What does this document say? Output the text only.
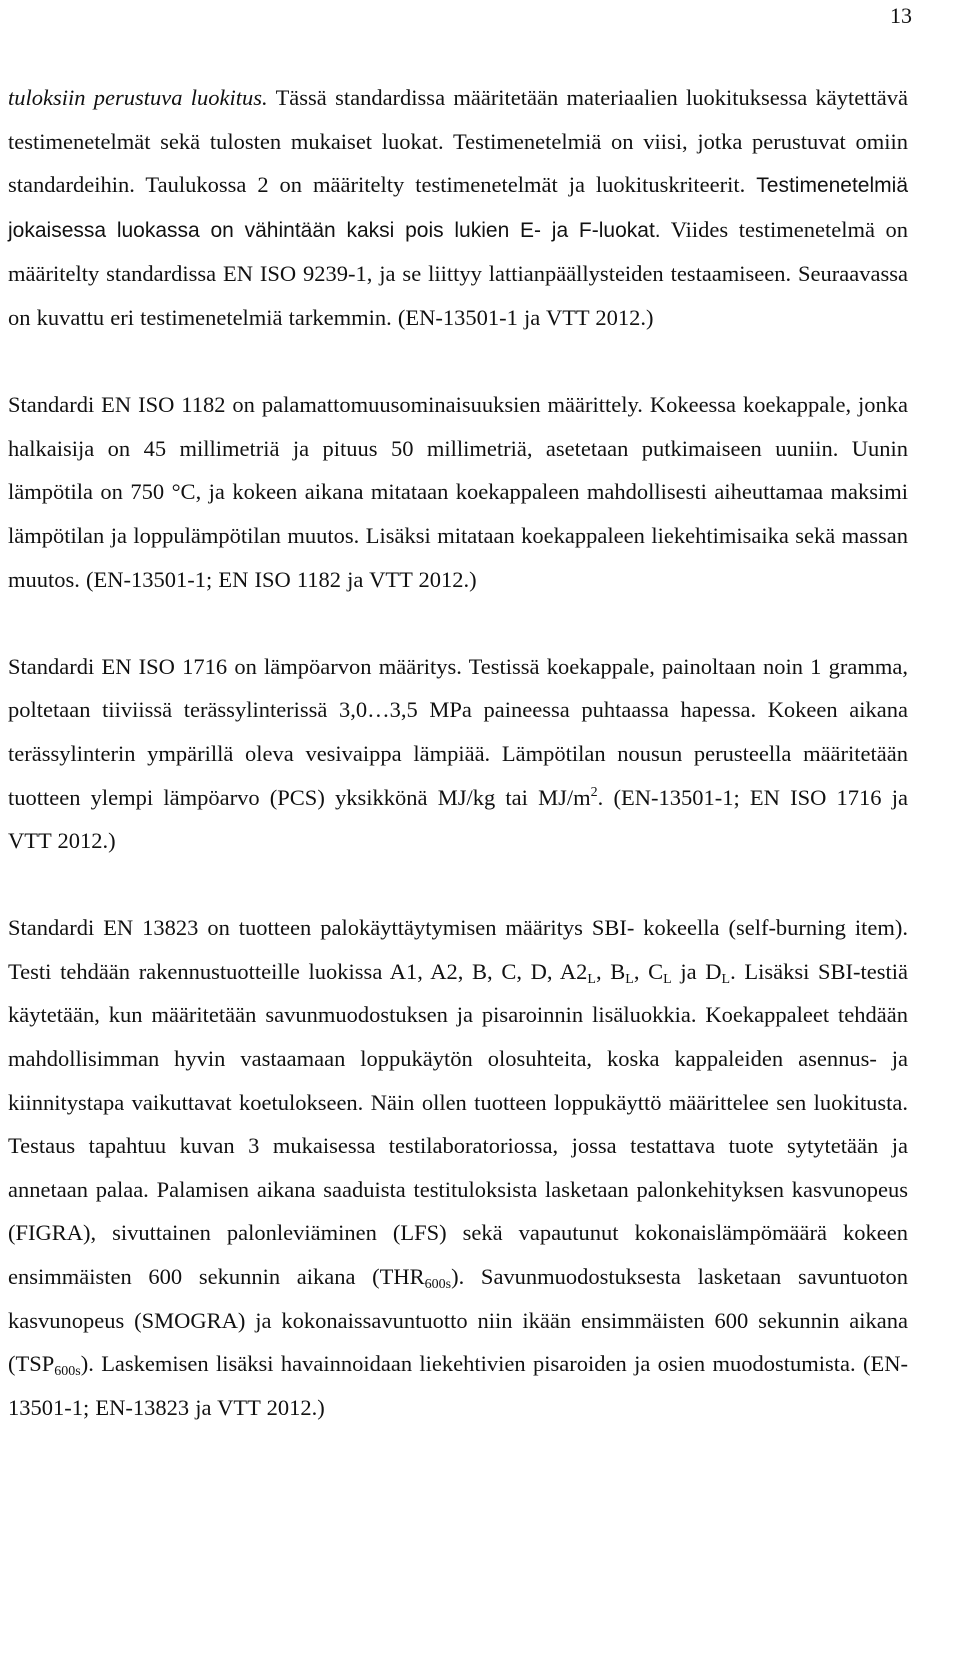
13

tuloksiin perustuva luokitus. Tässä standardissa määritetään materiaalien luokituksessa käytettävä testimenetelmät sekä tulosten mukaiset luokat. Testimenetelmiä on viisi, jotka perustuvat omiin standardeihin. Taulukossa 2 on määritelty testimenetelmät ja luokituskriteerit. Testimenetelmiä jokaisessa luokassa on vähintään kaksi pois lukien E- ja F-luokat. Viides testimenetelmä on määritelty standardissa EN ISO 9239-1, ja se liittyy lattianpäällysteiden testaamiseen. Seuraavassa on kuvattu eri testimenetelmiä tarkemmin. (EN-13501-1 ja VTT 2012.)

Standardi EN ISO 1182 on palamattomuusominaisuuksien määrittely. Kokeessa koekappale, jonka halkaisija on 45 millimetriä ja pituus 50 millimetriä, asetetaan putkimaiseen uuniin. Uunin lämpötila on 750 °C, ja kokeen aikana mitataan koekappaleen mahdollisesti aiheuttamaa maksimi lämpötilan ja loppulämpötilan muutos. Lisäksi mitataan koekappaleen liekehtimisaika sekä massan muutos. (EN-13501-1; EN ISO 1182 ja VTT 2012.)

Standardi EN ISO 1716 on lämpöarvon määritys. Testissä koekappale, painoltaan noin 1 gramma, poltetaan tiiviissä terässylinterissä 3,0…3,5 MPa paineessa puhtaassa hapessa. Kokeen aikana terässylinterin ympärillä oleva vesivaippa lämpiää. Lämpötilan nousun perusteella määritetään tuotteen ylempi lämpöarvo (PCS) yksikkönä MJ/kg tai $MJ/m^2$. (EN-13501-1; EN ISO 1716 ja VTT 2012.)

Standardi EN 13823 on tuotteen palokäyttäytymisen määritys SBI- kokeella (self-burning item). Testi tehdään rakennustuotteille luokissa A1, A2, B, C, D, $A2_L$, $B_L$, $C_L$ ja $D_L$. Lisäksi SBI-testiä käytetään, kun määritetään savunmuodostuksen ja pisaroinnin lisäluokkia. Koekappaleet tehdään mahdollisimman hyvin vastaamaan loppukäytön olosuhteita, koska kappaleiden asennus- ja kiinnitystapa vaikuttavat koetulokseen. Näin ollen tuotteen loppukäyttö määrittelee sen luokitusta. Testaus tapahtuu kuvan 3 mukaisessa testilaboratoriossa, jossa testattava tuote sytytetään ja annetaan palaa. Palamisen aikana saaduista testituloksista lasketaan palonkehityksen kasvunopeus (FIGRA), sivuttainen palonleviäminen (LFS) sekä vapautunut kokonaislämpömäärä kokeen ensimmäisten 600 sekunnin aikana $(THR_{600s})$. Savunmuodostuksesta lasketaan savuntuoton kasvunopeus (SMOGRA) ja kokonaissavuntuotto niin ikään ensimmäisten 600 sekunnin aikana $(TSP_{600s})$. Laskemisen lisäksi havainnoidaan liekehtivien pisaroiden ja osien muodostumista. (EN-13501-1; EN-13823 ja VTT 2012.)
